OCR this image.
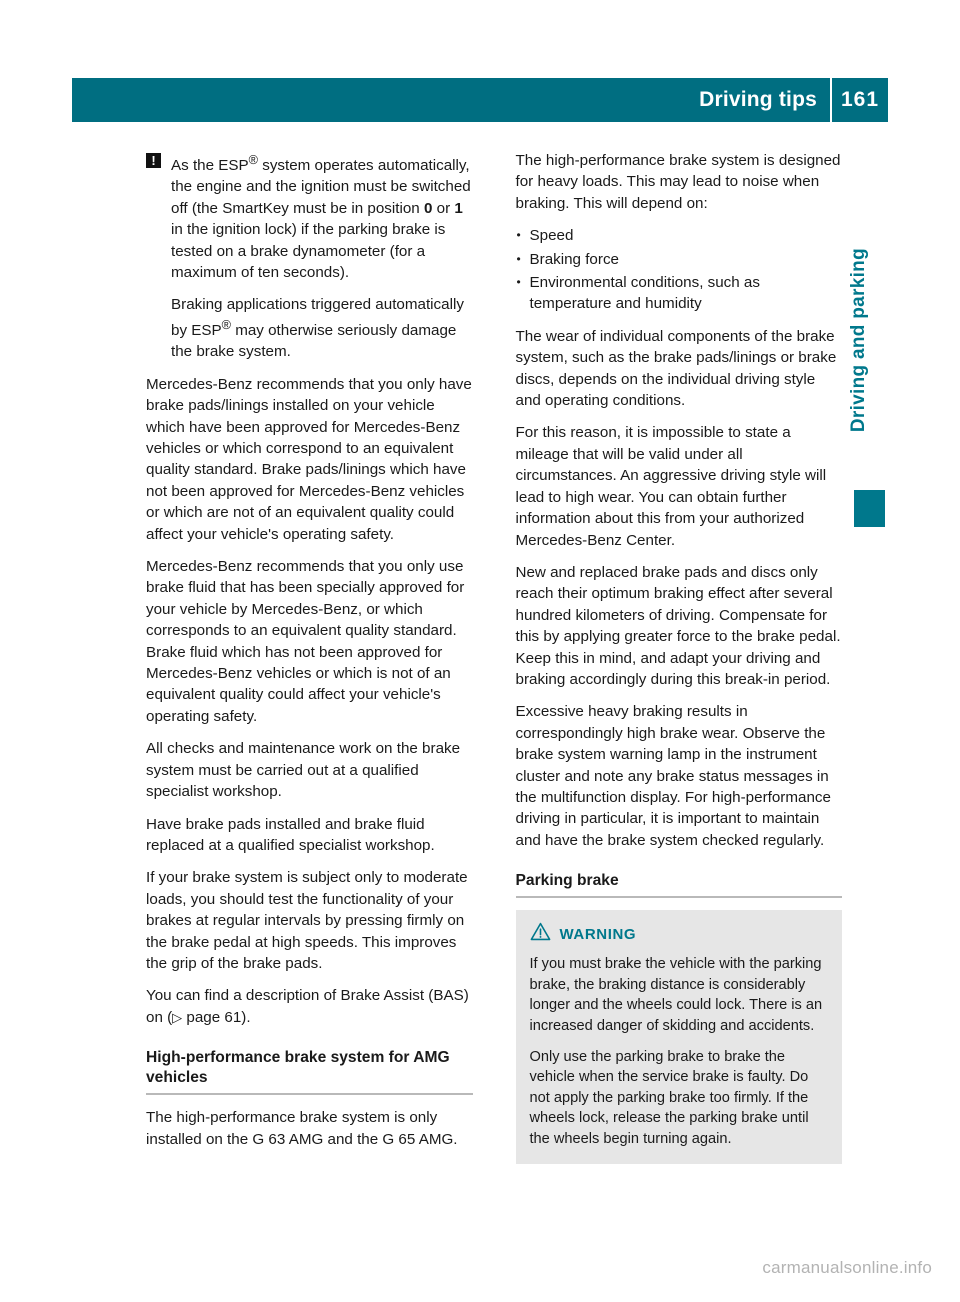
Driving tips	161
Driving and parking
!	As the ESP® system operates automatically, the engine and the ignition must be switched off (the SmartKey must be in position 0 or 1 in the ignition lock) if the parking brake is tested on a brake dynamometer (for a maximum of ten seconds).

Braking applications triggered automatically by ESP® may otherwise seriously damage the brake system.

Mercedes-Benz recommends that you only have brake pads/linings installed on your vehicle which have been approved for Mercedes-Benz vehicles or which correspond to an equivalent quality standard. Brake pads/linings which have not been approved for Mercedes-Benz vehicles or which are not of an equivalent quality could affect your vehicle's operating safety.

Mercedes-Benz recommends that you only use brake fluid that has been specially approved for your vehicle by Mercedes-Benz, or which corresponds to an equivalent quality standard. Brake fluid which has not been approved for Mercedes-Benz vehicles or which is not of an equivalent quality could affect your vehicle's operating safety.

All checks and maintenance work on the brake system must be carried out at a qualified specialist workshop.

Have brake pads installed and brake fluid replaced at a qualified specialist workshop.

If your brake system is subject only to moderate loads, you should test the functionality of your brakes at regular intervals by pressing firmly on the brake pedal at high speeds. This improves the grip of the brake pads.

You can find a description of Brake Assist (BAS) on (▷ page 61).

High-performance brake system for AMG vehicles

The high-performance brake system is only installed on the G 63 AMG and the G 65 AMG.

The high-performance brake system is designed for heavy loads. This may lead to noise when braking. This will depend on:

• Speed
• Braking force
• Environmental conditions, such as temperature and humidity

The wear of individual components of the brake system, such as the brake pads/linings or brake discs, depends on the individual driving style and operating conditions.

For this reason, it is impossible to state a mileage that will be valid under all circumstances. An aggressive driving style will lead to high wear. You can obtain further information about this from your authorized Mercedes-Benz Center.

New and replaced brake pads and discs only reach their optimum braking effect after several hundred kilometers of driving. Compensate for this by applying greater force to the brake pedal. Keep this in mind, and adapt your driving and braking accordingly during this break-in period.

Excessive heavy braking results in correspondingly high brake wear. Observe the brake system warning lamp in the instrument cluster and note any brake status messages in the multifunction display. For high-performance driving in particular, it is important to maintain and have the brake system checked regularly.

Parking brake
WARNING

If you must brake the vehicle with the parking brake, the braking distance is considerably longer and the wheels could lock. There is an increased danger of skidding and accidents.

Only use the parking brake to brake the vehicle when the service brake is faulty. Do not apply the parking brake too firmly. If the wheels lock, release the parking brake until the wheels begin turning again.

carmanualsonline.info
